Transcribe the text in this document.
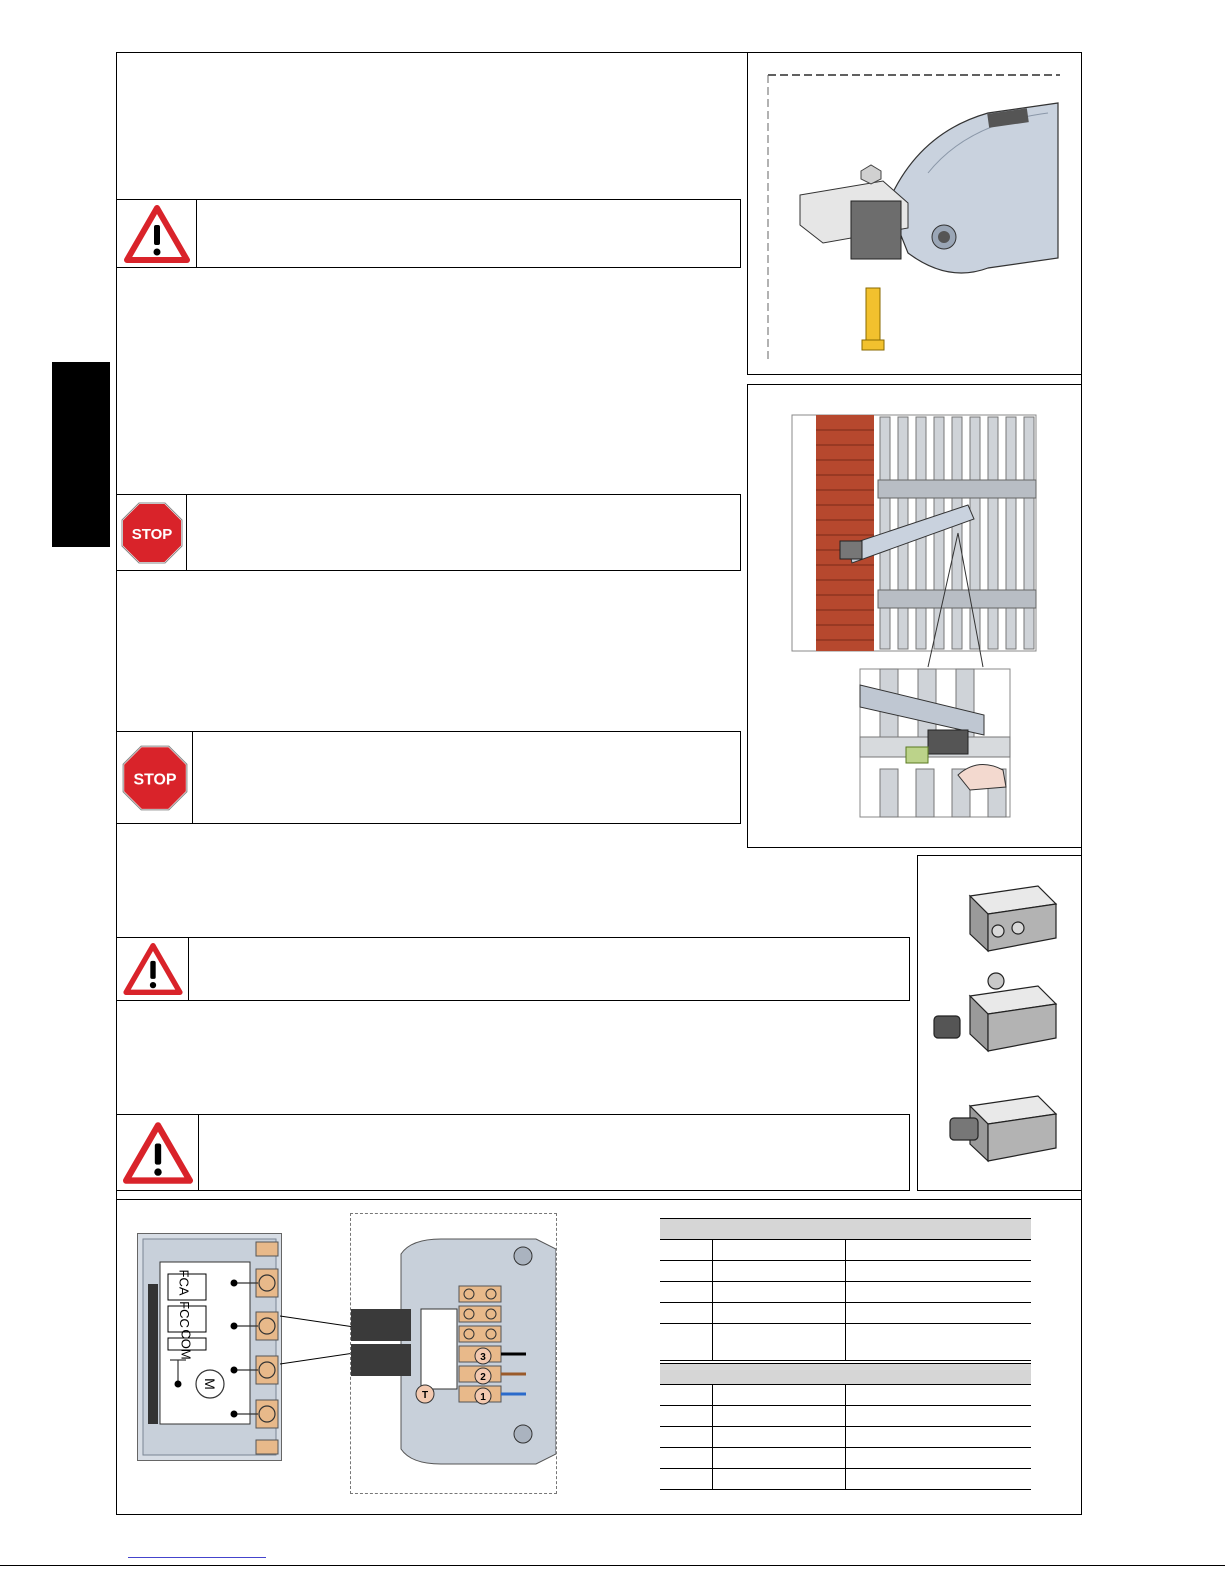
STOP
STOP
FCA
FCC
COM
M
T
3
2
1
